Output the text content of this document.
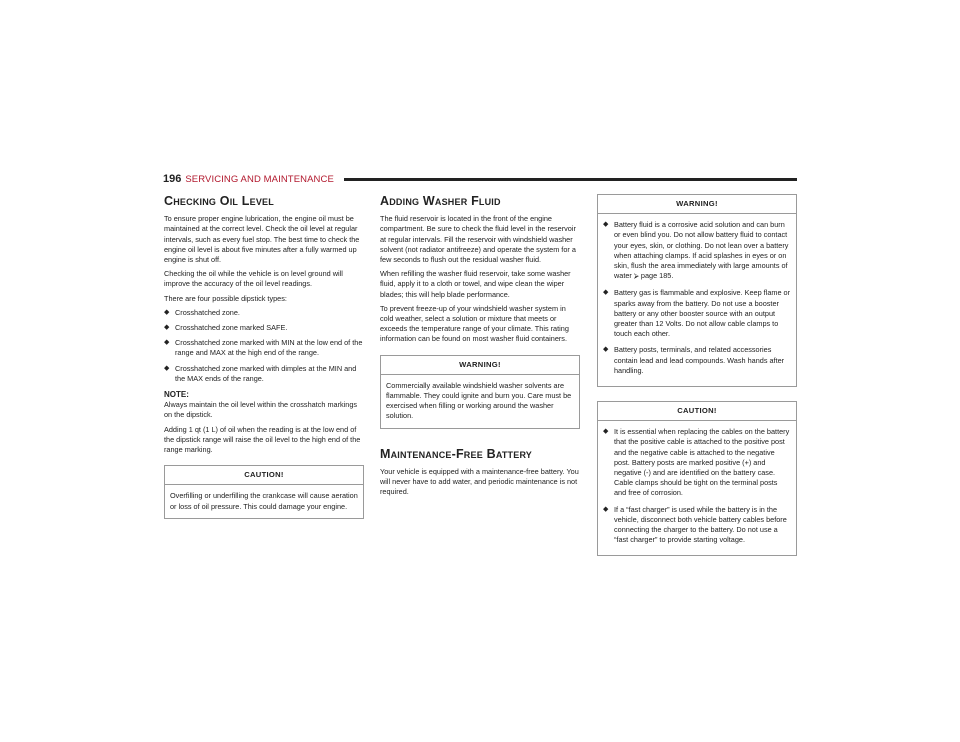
196 SERVICING AND MAINTENANCE
Checking Oil Level

To ensure proper engine lubrication, the engine oil must be maintained at the correct level. Check the oil level at regular intervals, such as every fuel stop. The best time to check the engine oil level is about five minutes after a fully warmed up engine is shut off.

Checking the oil while the vehicle is on level ground will improve the accuracy of the oil level readings.

There are four possible dipstick types:

◆ Crosshatched zone.
◆ Crosshatched zone marked SAFE.
◆ Crosshatched zone marked with MIN at the low end of the range and MAX at the high end of the range.
◆ Crosshatched zone marked with dimples at the MIN and the MAX ends of the range.
NOTE:

Always maintain the oil level within the crosshatch markings on the dipstick.

Adding 1 qt (1 L) of oil when the reading is at the low end of the dipstick range will raise the oil level to the high end of the range marking.

CAUTION!
Overfilling or underfilling the crankcase will cause aeration or loss of oil pressure. This could damage your engine.
Adding Washer Fluid

The fluid reservoir is located in the front of the engine compartment. Be sure to check the fluid level in the reservoir at regular intervals. Fill the reservoir with windshield washer solvent (not radiator antifreeze) and operate the system for a few seconds to flush out the residual washer fluid.

When refilling the washer fluid reservoir, take some washer fluid, apply it to a cloth or towel, and wipe clean the wiper blades; this will help blade performance.

To prevent freeze-up of your windshield washer system in cold weather, select a solution or mixture that meets or exceeds the temperature range of your climate. This rating information can be found on most washer fluid containers.

WARNING!
Commercially available windshield washer solvents are flammable. They could ignite and burn you. Care must be exercised when filling or working around the washer solution.
Maintenance-Free Battery

Your vehicle is equipped with a maintenance-free battery. You will never have to add water, and periodic maintenance is not required.

WARNING!
◆ Battery fluid is a corrosive acid solution and can burn or even blind you. Do not allow battery fluid to contact your eyes, skin, or clothing. Do not lean over a battery when attaching clamps. If acid splashes in eyes or on skin, flush the area immediately with large amounts of water ⮚ page 185.
◆ Battery gas is flammable and explosive. Keep flame or sparks away from the battery. Do not use a booster battery or any other booster source with an output greater than 12 Volts. Do not allow cable clamps to touch each other.
◆ Battery posts, terminals, and related accessories contain lead and lead compounds. Wash hands after handling.
CAUTION!
◆ It is essential when replacing the cables on the battery that the positive cable is attached to the positive post and the negative cable is attached to the negative post. Battery posts are marked positive (+) and negative (-) and are identified on the battery case. Cable clamps should be tight on the terminal posts and free of corrosion.
◆ If a “fast charger” is used while the battery is in the vehicle, disconnect both vehicle battery cables before connecting the charger to the battery. Do not use a “fast charger” to provide starting voltage.
